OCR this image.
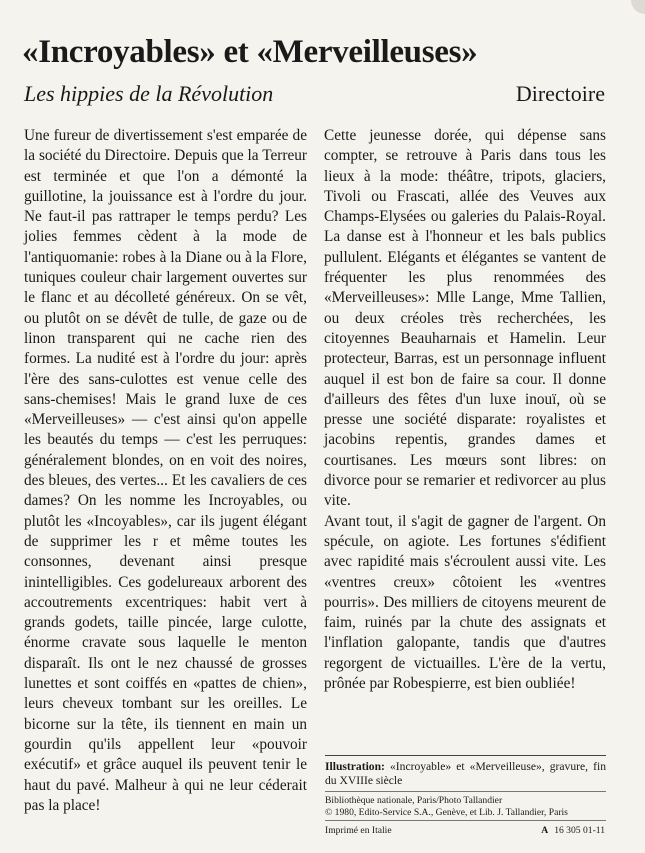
«Incroyables» et «Merveilleuses»
Les hippies de la Révolution	Directoire

Une fureur de divertissement s'est emparée de la société du Directoire. Depuis que la Terreur est terminée et que l'on a démonté la guillotine, la jouissance est à l'ordre du jour. Ne faut-il pas rattraper le temps perdu? Les jolies femmes cèdent à la mode de l'antiquomanie: robes à la Diane ou à la Flore, tuniques couleur chair largement ouvertes sur le flanc et au décolleté généreux. On se vêt, ou plutôt on se dévêt de tulle, de gaze ou de linon transparent qui ne cache rien des formes. La nudité est à l'ordre du jour: après l'ère des sans-culottes est venue celle des sans-chemises! Mais le grand luxe de ces «Merveilleuses» — c'est ainsi qu'on appelle les beautés du temps — c'est les perruques: généralement blondes, on en voit des noires, des bleues, des vertes... Et les cavaliers de ces dames? On les nomme les Incroyables, ou plutôt les «Incoyables», car ils jugent élégant de supprimer les r et même toutes les consonnes, devenant ainsi presque inintelligibles. Ces godelureaux arborent des accoutrements excentriques: habit vert à grands godets, taille pincée, large culotte, énorme cravate sous laquelle le menton disparaît. Ils ont le nez chaussé de grosses lunettes et sont coiffés en «pattes de chien», leurs cheveux tombant sur les oreilles. Le bicorne sur la tête, ils tiennent en main un gourdin qu'ils appellent leur «pouvoir exécutif» et grâce auquel ils peuvent tenir le haut du pavé. Malheur à qui ne leur céderait pas la place!

Cette jeunesse dorée, qui dépense sans compter, se retrouve à Paris dans tous les lieux à la mode: théâtre, tripots, glaciers, Tivoli ou Frascati, allée des Veuves aux Champs-Elysées ou galeries du Palais-Royal. La danse est à l'honneur et les bals publics pullulent. Elégants et élégantes se vantent de fréquenter les plus renommées des «Merveilleuses»: Mlle Lange, Mme Tallien, ou deux créoles très recherchées, les citoyennes Beauharnais et Hamelin. Leur protecteur, Barras, est un personnage influent auquel il est bon de faire sa cour. Il donne d'ailleurs des fêtes d'un luxe inouï, où se presse une société disparate: royalistes et jacobins repentis, grandes dames et courtisanes. Les mœurs sont libres: on divorce pour se remarier et redivorcer au plus vite.

Avant tout, il s'agit de gagner de l'argent. On spécule, on agiote. Les fortunes s'édifient avec rapidité mais s'écroulent aussi vite. Les «ventres creux» côtoient les «ventres pourris». Des milliers de citoyens meurent de faim, ruinés par la chute des assignats et l'inflation galopante, tandis que d'autres regorgent de victuailles. L'ère de la vertu, prônée par Robespierre, est bien oubliée!

Illustration: «Incroyable» et «Merveilleuse», gravure, fin du XVIIIe siècle
Bibliothèque nationale, Paris/Photo Tallandier
© 1980, Edito-Service S.A., Genève, et Lib. J. Tallandier, Paris
Imprimé en Italie	A 16 305 01-11
